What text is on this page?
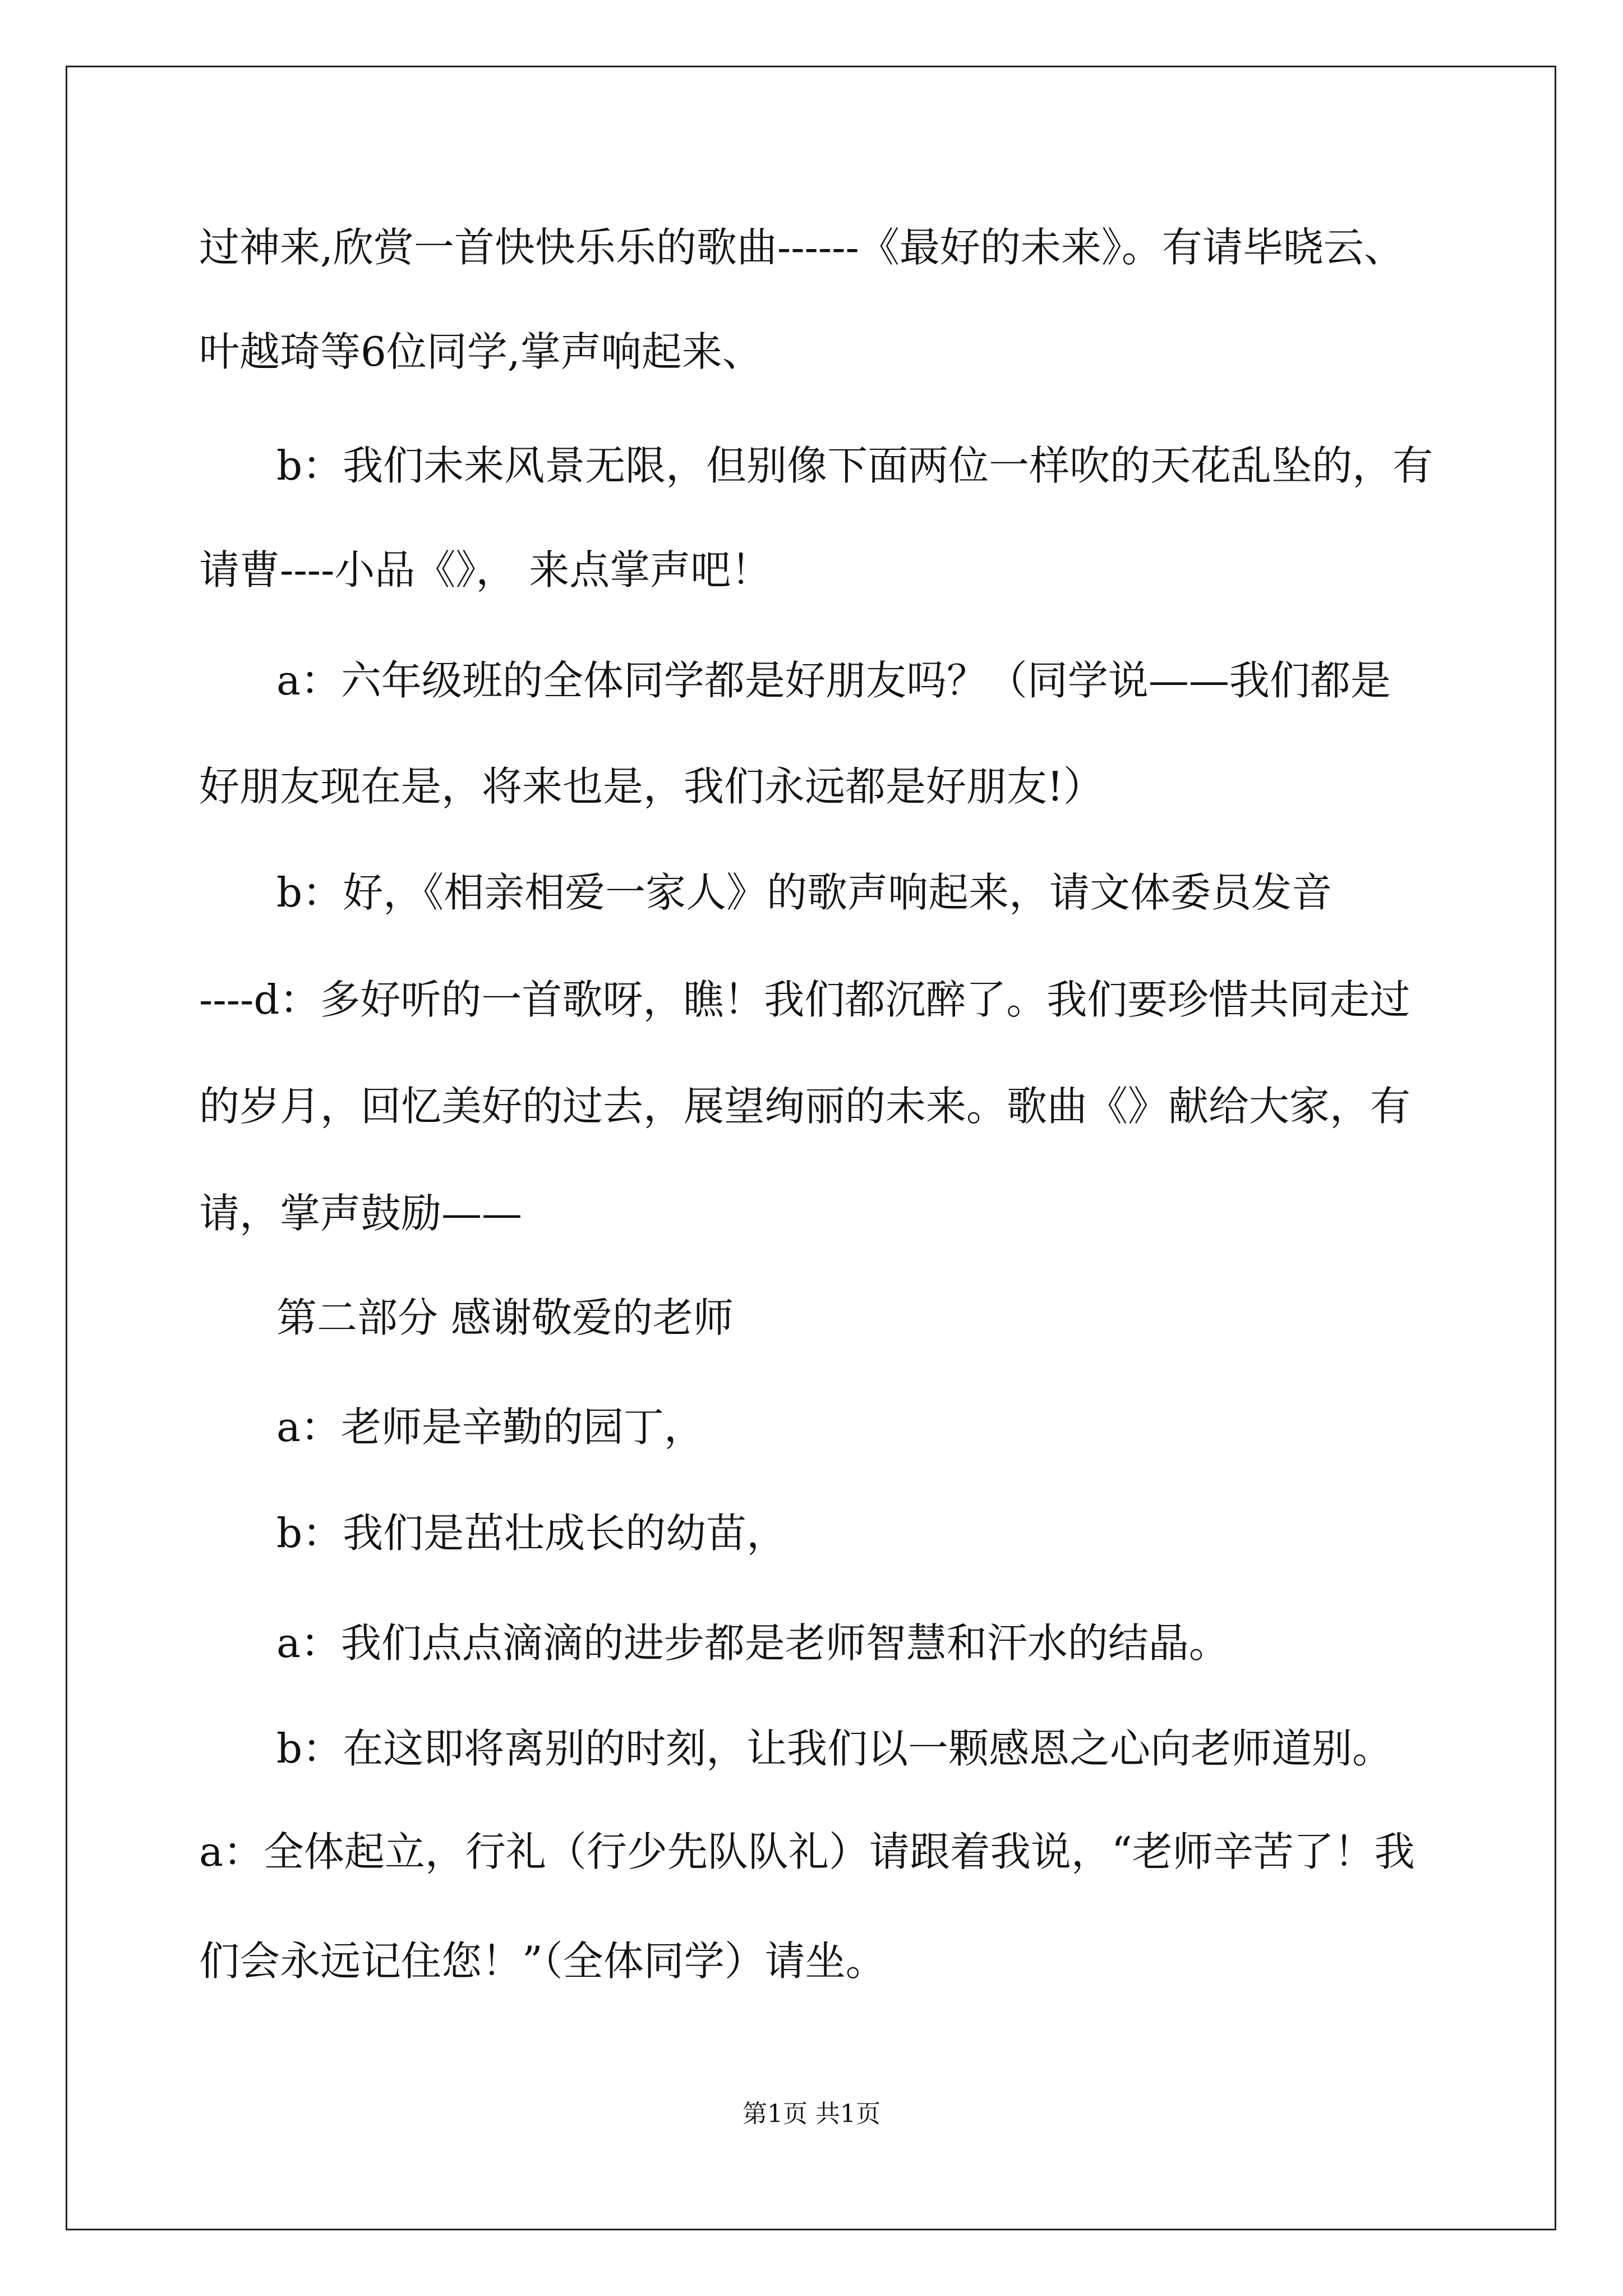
过神来,欣赏一首快快乐乐的歌曲------《最好的未来》。有请毕晓云、
叶越琦等6位同学,掌声响起来、
b：我们未来风景无限，但别像下面两位一样吹的天花乱坠的，有
请曹----小品《》， 来点掌声吧！
a：六年级班的全体同学都是好朋友吗？（同学说——我们都是
好朋友现在是，将来也是，我们永远都是好朋友!）
b：好，《相亲相爱一家人》的歌声响起来，请文体委员发音
----d：多好听的一首歌呀，瞧！我们都沉醉了。我们要珍惜共同走过
的岁月，回忆美好的过去，展望绚丽的未来。歌曲《》献给大家，有
请，掌声鼓励——
第二部分 感谢敬爱的老师
a：老师是辛勤的园丁，
b：我们是茁壮成长的幼苗，
a：我们点点滴滴的进步都是老师智慧和汗水的结晶。
b：在这即将离别的时刻，让我们以一颗感恩之心向老师道别。
a：全体起立，行礼（行少先队队礼）请跟着我说，“老师辛苦了！我
们会永远记住您！”（全体同学）请坐。
第1页 共1页
